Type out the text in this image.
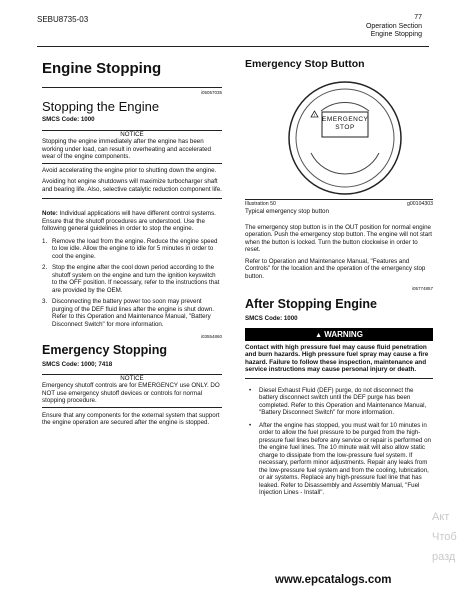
SEBU8735-03	77
Operation Section
Engine Stopping
Engine Stopping
i05057035
Stopping the Engine
SMCS Code: 1000
NOTICE
Stopping the engine immediately after the engine has been working under load, can result in overheating and accelerated wear of the engine components.
Avoid accelerating the engine prior to shutting down the engine.
Avoiding hot engine shutdowns will maximize turbocharger shaft and bearing life. Also, selective catalytic reduction component life.
Note: Individual applications will have different control systems. Ensure that the shutoff procedures are understood. Use the following general guidelines in order to stop the engine.
1. Remove the load from the engine. Reduce the engine speed to low idle. Allow the engine to idle for 5 minutes in order to cool the engine.
2. Stop the engine after the cool down period according to the shutoff system on the engine and turn the ignition keyswitch to the OFF position. If necessary, refer to the instructions that are provided by the OEM.
3. Disconnecting the battery power too soon may prevent purging of the DEF fluid lines after the engine is shut down. Refer to this Operation and Maintenance Manual, "Battery Disconnect Switch" for more information.
i03554860
Emergency Stopping
SMCS Code: 1000; 7418
NOTICE
Emergency shutoff controls are for EMERGENCY use ONLY. DO NOT use emergency shutoff devices or controls for normal stopping procedure.
Ensure that any components for the external system that support the engine operation are secured after the engine is stopped.
Emergency Stop Button
!
EMERGENCY
STOP
Illustration 50	g00104303
Typical emergency stop button
The emergency stop button is in the OUT position for normal engine operation. Push the emergency stop button. The engine will not start when the button is locked. Turn the button clockwise in order to reset.
Refer to Operation and Maintenance Manual, "Features and Controls" for the location and the operation of the emergency stop button.
i05774857
After Stopping Engine
SMCS Code: 1000
▲ WARNING
Contact with high pressure fuel may cause fluid penetration and burn hazards. High pressure fuel spray may cause a fire hazard. Failure to follow these inspection, maintenance and service instructions may cause personal injury or death.
• Diesel Exhaust Fluid (DEF) purge, do not disconnect the battery disconnect switch until the DEF purge has been completed. Refer to this Operation and Maintenance Manual, "Battery Disconnect Switch" for more information.
• After the engine has stopped, you must wait for 10 minutes in order to allow the fuel pressure to be purged from the high-pressure fuel lines before any service or repair is performed on the engine fuel lines. The 10 minute wait will also allow static charge to dissipate from the low-pressure fuel system. If necessary, perform minor adjustments. Repair any leaks from the low-pressure fuel system and from the cooling, lubrication, or air systems. Replace any high-pressure fuel line that has leaked. Refer to Disassembly and Assembly Manual, "Fuel Injection Lines - Install".
Акт
Чтоб
разд
www.epcatalogs.com
